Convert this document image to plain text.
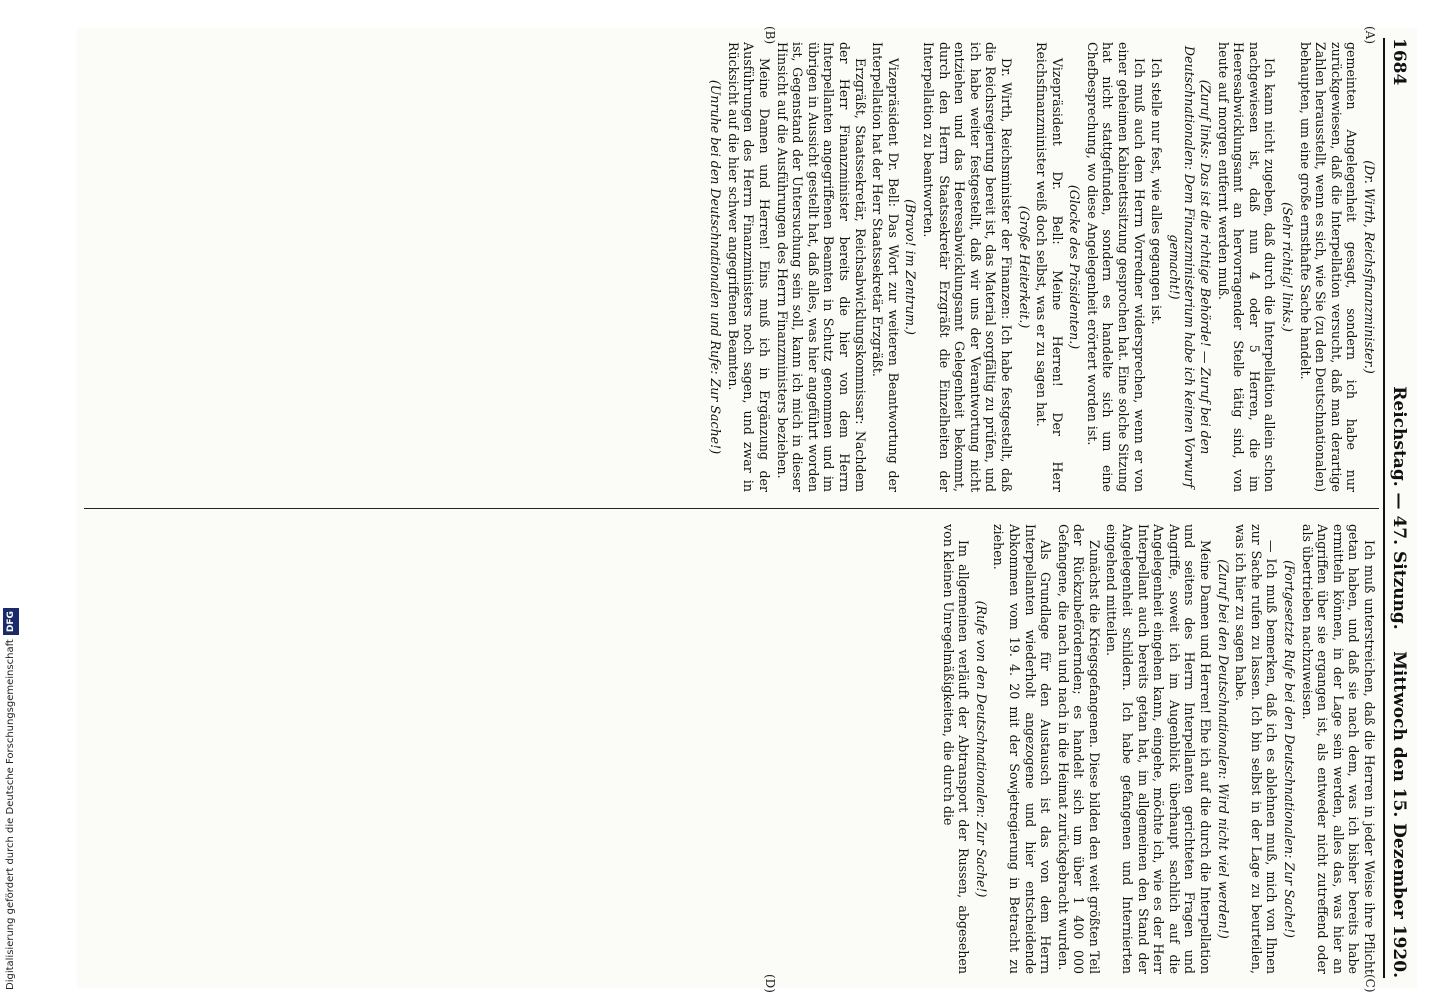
1684
Reichstag. — 47. Sitzung.
Mittwoch den 15. Dezember 1920.
(A)
(B)
(C)
(D)

(Dr. Wirth, Reichsfinanzminister.)

gemeinten Angelegenheit gesagt, sondern ich habe nur zurückgewiesen, daß die Interpellation versucht, daß man derartige Zahlen herausstellt, wenn es sich, wie Sie (zu den Deutschnationalen) behaupten, um eine große ernsthafte Sache handelt.

(Sehr richtig! links.)

Ich kann nicht zugeben, daß durch die Interpellation allein schon nachgewiesen ist, daß nun 4 oder 5 Herren, die im Heeresabwicklungsamt an hervorragender Stelle tätig sind, von heute auf morgen entfernt werden muß.

(Zuruf links: Das ist die richtige Behörde! — Zuruf bei den Deutschnationalen: Dem Finanzministerium habe ich keinen Vorwurf gemacht!)

Ich stelle nur fest, wie alles gegangen ist.

Ich muß auch dem Herrn Vorredner widersprechen, wenn er von einer geheimen Kabinettssitzung gesprochen hat. Eine solche Sitzung hat nicht stattgefunden, sondern es handelte sich um eine Chefbesprechung, wo diese Angelegenheit erörtert worden ist.

(Glocke des Präsidenten.)

Vizepräsident Dr. Bell: Meine Herren! Der Herr Reichsfinanzminister weiß doch selbst, was er zu sagen hat.

(Große Heiterkeit.)

Dr. Wirth, Reichsminister der Finanzen: Ich habe festgestellt, daß die Reichsregierung bereit ist, das Material sorgfältig zu prüfen, und ich habe weiter festgestellt, daß wir uns der Verantwortung nicht entziehen und das Heeresabwicklungsamt Gelegenheit bekommt, durch den Herrn Staatssekretär Erzgräßt die Einzelheiten der Interpellation zu beantworten.

(Bravo! im Zentrum.)

Vizepräsident Dr. Bell: Das Wort zur weiteren Beantwortung der Interpellation hat der Herr Staatssekretär Erzgräßt.

Erzgräßt, Staatssekretär, Reichsabwicklungskommissar: Nachdem der Herr Finanzminister bereits die hier von dem Herrn Interpellanten angegriffenen Beamten in Schutz genommen und im übrigen in Aussicht gestellt hat, daß alles, was hier angeführt worden ist, Gegenstand der Untersuchung sein soll, kann ich mich in dieser Hinsicht auf die Ausführungen des Herrn Finanzministers beziehen.

Meine Damen und Herren! Eins muß ich in Ergänzung der Ausführungen des Herrn Finanzministers noch sagen, und zwar in Rücksicht auf die hier schwer angegriffenen Beamten.

(Unruhe bei den Deutschnationalen und Rufe: Zur Sache!)

Ich muß unterstreichen, daß die Herren in jeder Weise ihre Pflicht getan haben, und daß sie nach dem, was ich bisher bereits habe ermitteln können, in der Lage sein werden, alles das, was hier an Angriffen über sie ergangen ist, als entweder nicht zutreffend oder als übertrieben nachzuweisen.

(Fortgesetzte Rufe bei den Deutschnationalen: Zur Sache!)

— Ich muß bemerken, daß ich es ablehnen muß, mich von Ihnen zur Sache rufen zu lassen. Ich bin selbst in der Lage zu beurteilen, was ich hier zu sagen habe.

(Zuruf bei den Deutschnationalen: Wird nicht viel werden!)

Meine Damen und Herren! Ehe ich auf die durch die Interpellation und seitens des Herrn Interpellanten gerichteten Fragen und Angriffe, soweit ich im Augenblick überhaupt sachlich auf die Angelegenheit eingehen kann, eingehe, möchte ich, wie es der Herr Interpellant auch bereits getan hat, im allgemeinen den Stand der Angelegenheit schildern. Ich habe gefangenen und Internierten eingehend mitteilen.

Zunächst die Kriegsgefangenen. Diese bilden den weit größten Teil der Rückzubefördernden; es handelt sich um über 1 400 000 Gefangene, die nach und nach in die Heimat zurückgebracht wurden.

Als Grundlage für den Austausch ist das von dem Herrn Interpellanten wiederholt angezogene und hier entscheidende Abkommen vom 19. 4. 20 mit der Sowjetregierung in Betracht zu ziehen.

(Rufe von den Deutschnationalen: Zur Sache!)

Im allgemeinen verläuft der Abtransport der Russen, abgesehen von kleinen Unregelmäßigkeiten, die durch die

Digitalisierung gefördert durch die Deutsche ForschungsgemeinschaftDFG
